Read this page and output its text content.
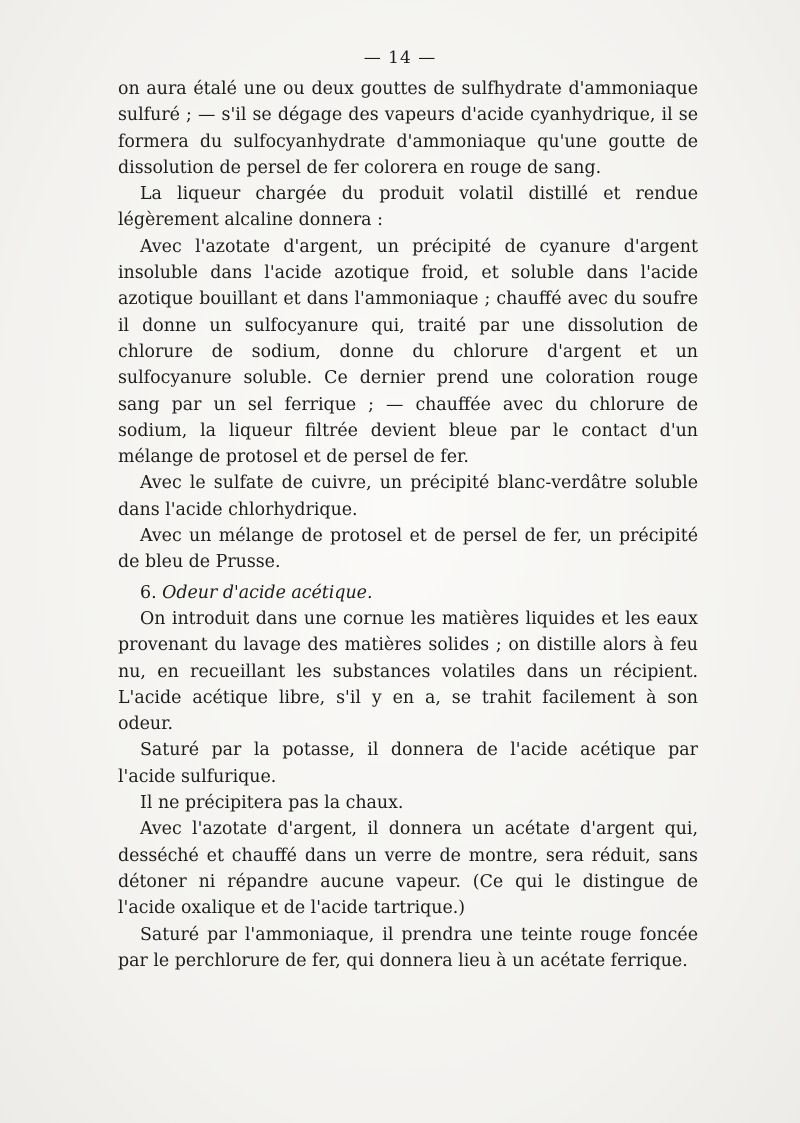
— 14 —

on aura étalé une ou deux gouttes de sulfhydrate d'ammoniaque sulfuré ; — s'il se dégage des vapeurs d'acide cyanhydrique, il se formera du sulfocyanhydrate d'ammoniaque qu'une goutte de dissolution de persel de fer colorera en rouge de sang.

La liqueur chargée du produit volatil distillé et rendue légèrement alcaline donnera :

Avec l'azotate d'argent, un précipité de cyanure d'argent insoluble dans l'acide azotique froid, et soluble dans l'acide azotique bouillant et dans l'ammoniaque ; chauffé avec du soufre il donne un sulfocyanure qui, traité par une dissolution de chlorure de sodium, donne du chlorure d'argent et un sulfocyanure soluble. Ce dernier prend une coloration rouge sang par un sel ferrique ; — chauffée avec du chlorure de sodium, la liqueur filtrée devient bleue par le contact d'un mélange de protosel et de persel de fer.

Avec le sulfate de cuivre, un précipité blanc-verdâtre soluble dans l'acide chlorhydrique.

Avec un mélange de protosel et de persel de fer, un précipité de bleu de Prusse.

6. Odeur d'acide acétique.

On introduit dans une cornue les matières liquides et les eaux provenant du lavage des matières solides ; on distille alors à feu nu, en recueillant les substances volatiles dans un récipient. L'acide acétique libre, s'il y en a, se trahit facilement à son odeur.

Saturé par la potasse, il donnera de l'acide acétique par l'acide sulfurique.

Il ne précipitera pas la chaux.

Avec l'azotate d'argent, il donnera un acétate d'argent qui, desséché et chauffé dans un verre de montre, sera réduit, sans détoner ni répandre aucune vapeur. (Ce qui le distingue de l'acide oxalique et de l'acide tartrique.)

Saturé par l'ammoniaque, il prendra une teinte rouge foncée par le perchlorure de fer, qui donnera lieu à un acétate ferrique.
